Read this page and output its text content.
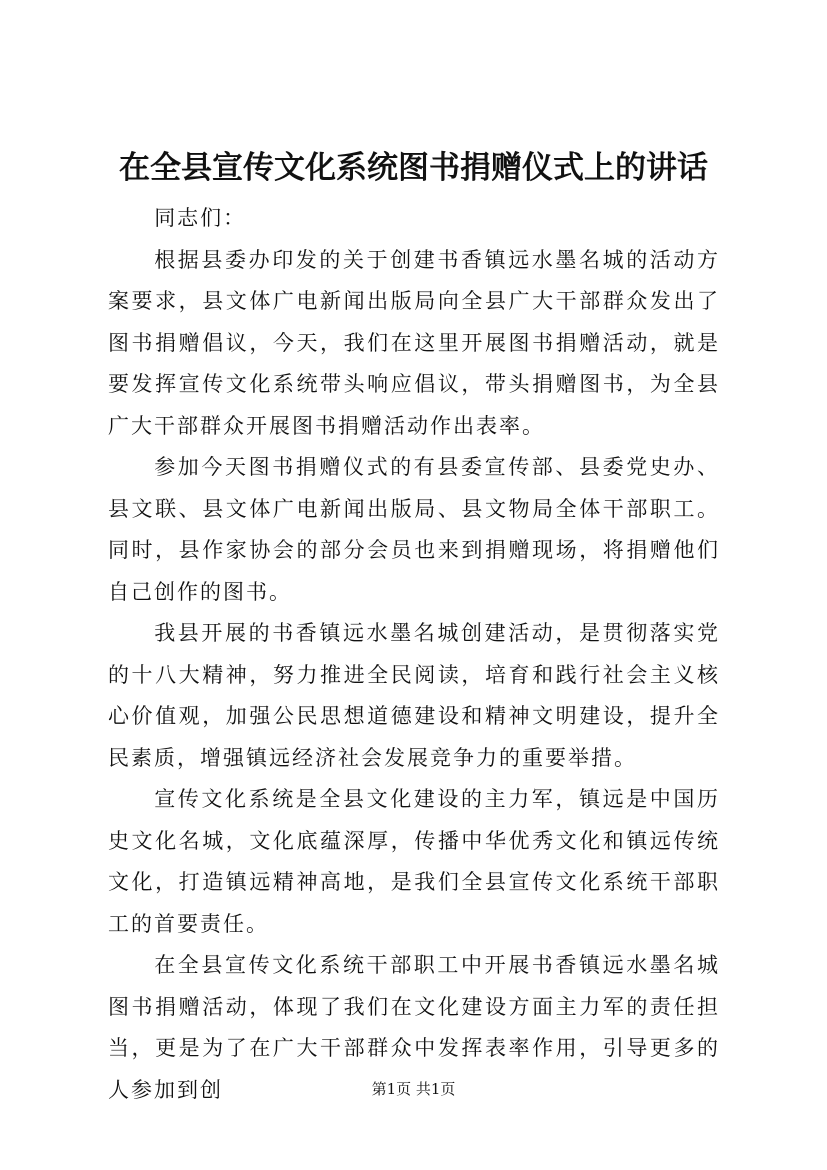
在全县宣传文化系统图书捐赠仪式上的讲话

同志们：

根据县委办印发的关于创建书香镇远水墨名城的活动方案要求，县文体广电新闻出版局向全县广大干部群众发出了图书捐赠倡议，今天，我们在这里开展图书捐赠活动，就是要发挥宣传文化系统带头响应倡议，带头捐赠图书，为全县广大干部群众开展图书捐赠活动作出表率。

参加今天图书捐赠仪式的有县委宣传部、县委党史办、县文联、县文体广电新闻出版局、县文物局全体干部职工。同时，县作家协会的部分会员也来到捐赠现场，将捐赠他们自己创作的图书。

我县开展的书香镇远水墨名城创建活动，是贯彻落实党的十八大精神，努力推进全民阅读，培育和践行社会主义核心价值观，加强公民思想道德建设和精神文明建设，提升全民素质，增强镇远经济社会发展竞争力的重要举措。

宣传文化系统是全县文化建设的主力军，镇远是中国历史文化名城，文化底蕴深厚，传播中华优秀文化和镇远传统文化，打造镇远精神高地，是我们全县宣传文化系统干部职工的首要责任。

在全县宣传文化系统干部职工中开展书香镇远水墨名城图书捐赠活动，体现了我们在文化建设方面主力军的责任担当，更是为了在广大干部群众中发挥表率作用，引导更多的人参加到创	第1页 共1页
